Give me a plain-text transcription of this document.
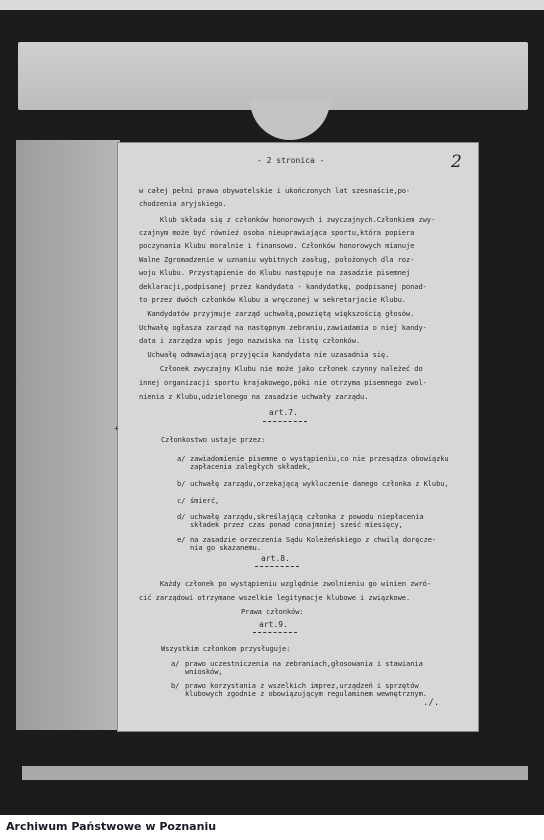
- 2 stronica -	2
w całej pełni prawa obywatelskie i ukończonych lat szesnaście,po-
chodzenia aryjskiego.
Klub składa się z członków honorowych i zwyczajnych.Członkiem zwy-
czajnym może być również osoba nieuprawiająca sportu,która popiera
poczynania Klubu moralnie i finansowo. Członków honorowych mianuje
Walne Zgromadzenie w uznaniu wybitnych zasług, położonych dla roz-
woju Klubu. Przystąpienie do Klubu następuje na zasadzie pisemnej
deklaracji,podpisanej przez kandydata - kandydatkę, podpisanej ponad-
to przez dwóch członków Klubu a wręczonej w sekretarjacie Klubu.
Kandydatów przyjmuje zarząd uchwałą,powziętą większością głosów.
Uchwałę ogłasza zarząd na następnym zebraniu,zawiadamia o niej kandy-
data i zarządza wpis jego nazwiska na listę członków.
Uchwałę odmawiającą przyjęcia kandydata nie uzasadnia się.
Członek zwyczajny Klubu nie może jako członek czynny należeć do
innej organizacji sportu krajakowego,póki nie otrzyma pisemnego zwol-
nienia z Klubu,udzielonego na zasadzie uchwały zarządu.
art.7.
+
Członkostwo ustaje przez:
a/ zawiadomienie pisemne o wystąpieniu,co nie przesądza obowiązku
zapłacenia zaległych składek,
b/ uchwałę zarządu,orzekającą wykluczenie danego członka z Klubu,
c/ śmierć,
d/ uchwałę zarządu,skreślającą członka z powodu niepłacenia
składek przez czas ponad conajmniej sześć miesięcy,
e/ na zasadzie orzeczenia Sądu Koleżeńskiego z chwilą doręcze-
nia go skazanemu.
art.8.
Każdy członek po wystąpieniu względnie zwolnieniu go winien zwró-
cić zarządowi otrzymane wszelkie legitymacje klubowe i związkowe.
Prawa członków:
art.9.
Wszystkim członkom przysługuje:
a/ prawo uczestniczenia na zebraniach,głosowania i stawiania
wniosków,
b/ prawo korzystania z wszelkich imprez,urządzeń i sprzętów
klubowych zgodnie z obowiązującym regulaminem wewnętrznym.
./.
Archiwum Państwowe w Poznaniu
